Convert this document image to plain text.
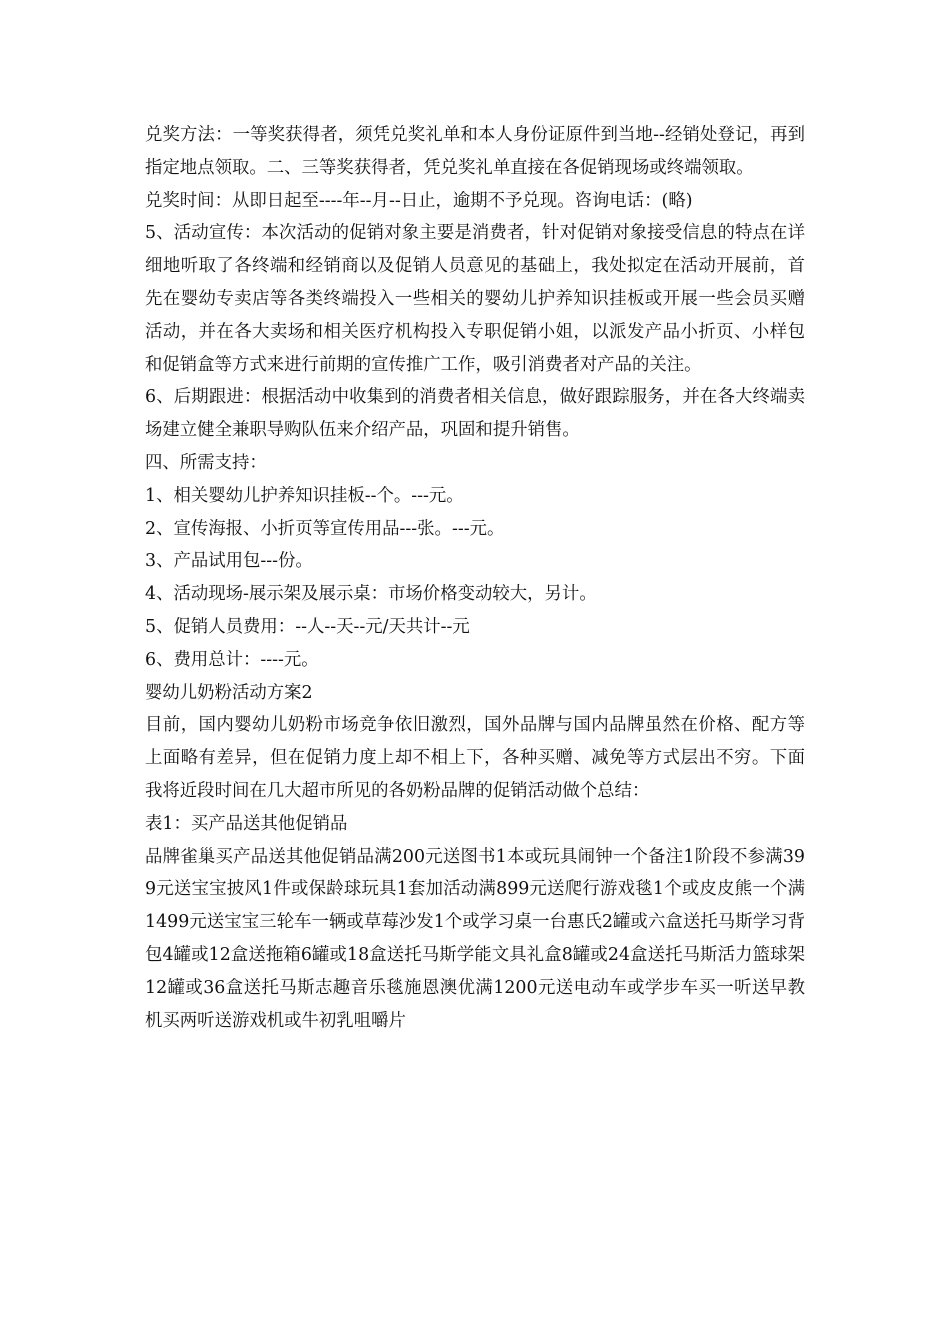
兑奖方法：一等奖获得者，须凭兑奖礼单和本人身份证原件到当地--经销处登记，再到指定地点领取。二、三等奖获得者，凭兑奖礼单直接在各促销现场或终端领取。

兑奖时间：从即日起至----年--月--日止，逾期不予兑现。咨询电话：(略)

5、活动宣传：本次活动的促销对象主要是消费者，针对促销对象接受信息的特点在详细地听取了各终端和经销商以及促销人员意见的基础上，我处拟定在活动开展前，首先在婴幼专卖店等各类终端投入一些相关的婴幼儿护养知识挂板或开展一些会员买赠活动，并在各大卖场和相关医疗机构投入专职促销小姐，以派发产品小折页、小样包和促销盒等方式来进行前期的宣传推广工作，吸引消费者对产品的关注。

6、后期跟进：根据活动中收集到的消费者相关信息，做好跟踪服务，并在各大终端卖场建立健全兼职导购队伍来介绍产品，巩固和提升销售。

四、所需支持：

1、相关婴幼儿护养知识挂板--个。---元。

2、宣传海报、小折页等宣传用品---张。---元。

3、产品试用包---份。

4、活动现场-展示架及展示桌：市场价格变动较大，另计。

5、促销人员费用：--人--天--元/天共计--元

6、费用总计：----元。

婴幼儿奶粉活动方案2

目前，国内婴幼儿奶粉市场竞争依旧激烈，国外品牌与国内品牌虽然在价格、配方等上面略有差异，但在促销力度上却不相上下，各种买赠、减免等方式层出不穷。下面我将近段时间在几大超市所见的各奶粉品牌的促销活动做个总结：

表1：买产品送其他促销品

品牌雀巢买产品送其他促销品满200元送图书1本或玩具闹钟一个备注1阶段不参满399元送宝宝披风1件或保龄球玩具1套加活动满899元送爬行游戏毯1个或皮皮熊一个满1499元送宝宝三轮车一辆或草莓沙发1个或学习桌一台惠氏2罐或六盒送托马斯学习背包4罐或12盒送拖箱6罐或18盒送托马斯学能文具礼盒8罐或24盒送托马斯活力篮球架12罐或36盒送托马斯志趣音乐毯施恩澳优满1200元送电动车或学步车买一听送早教机买两听送游戏机或牛初乳咀嚼片
